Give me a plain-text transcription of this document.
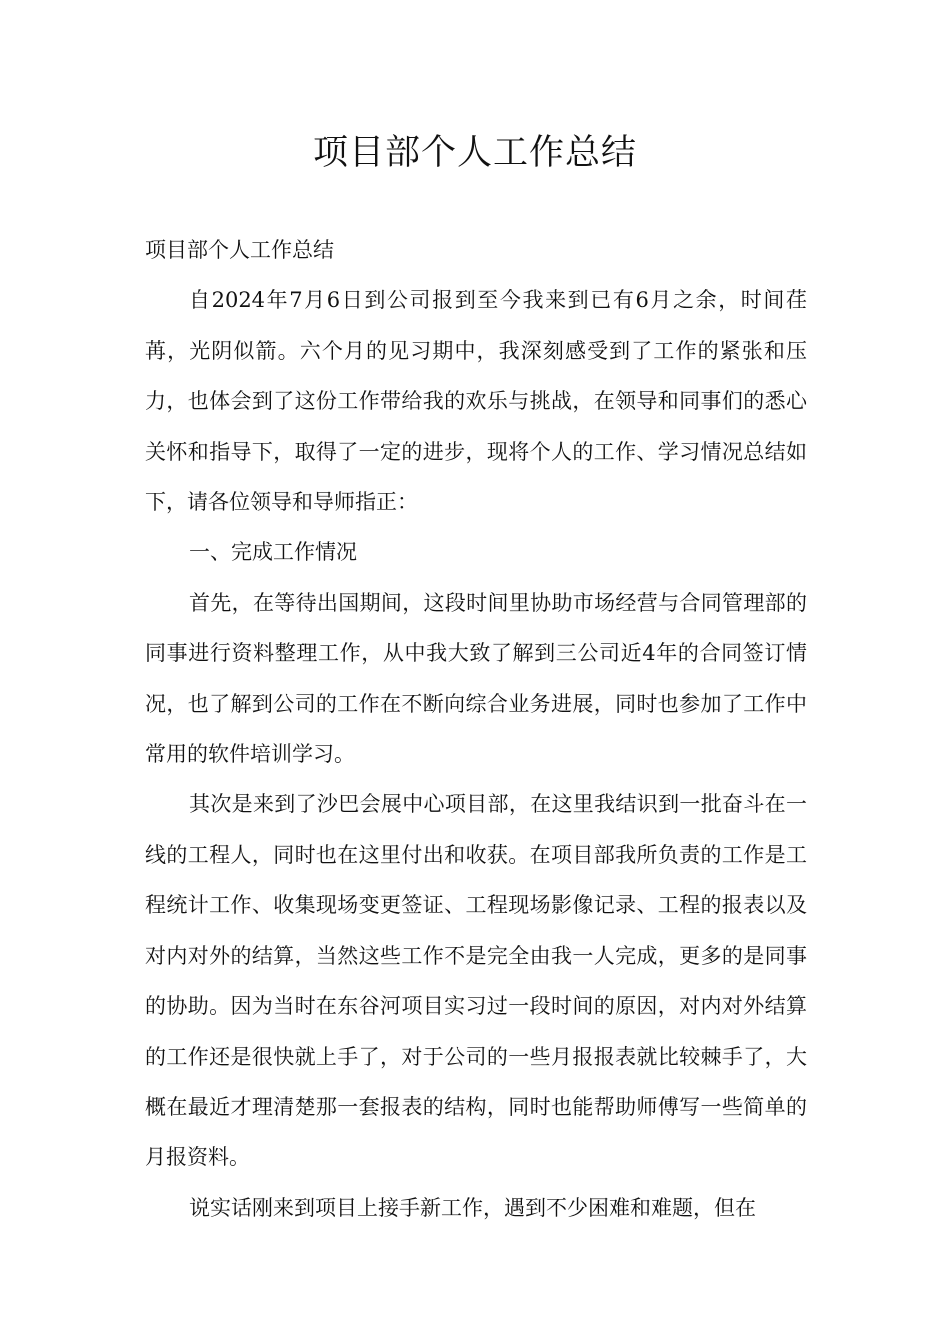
项目部个人工作总结

项目部个人工作总结

自2024年7月6日到公司报到至今我来到已有6月之余，时间荏苒，光阴似箭。六个月的见习期中，我深刻感受到了工作的紧张和压力，也体会到了这份工作带给我的欢乐与挑战，在领导和同事们的悉心关怀和指导下，取得了一定的进步，现将个人的工作、学习情况总结如下，请各位领导和导师指正：

一、完成工作情况

首先，在等待出国期间，这段时间里协助市场经营与合同管理部的同事进行资料整理工作，从中我大致了解到三公司近4年的合同签订情况，也了解到公司的工作在不断向综合业务进展，同时也参加了工作中常用的软件培训学习。

其次是来到了沙巴会展中心项目部，在这里我结识到一批奋斗在一线的工程人，同时也在这里付出和收获。在项目部我所负责的工作是工程统计工作、收集现场变更签证、工程现场影像记录、工程的报表以及对内对外的结算，当然这些工作不是完全由我一人完成，更多的是同事的协助。因为当时在东谷河项目实习过一段时间的原因，对内对外结算的工作还是很快就上手了，对于公司的一些月报报表就比较棘手了，大概在最近才理清楚那一套报表的结构，同时也能帮助师傅写一些简单的月报资料。

说实话刚来到项目上接手新工作，遇到不少困难和难题，但在
